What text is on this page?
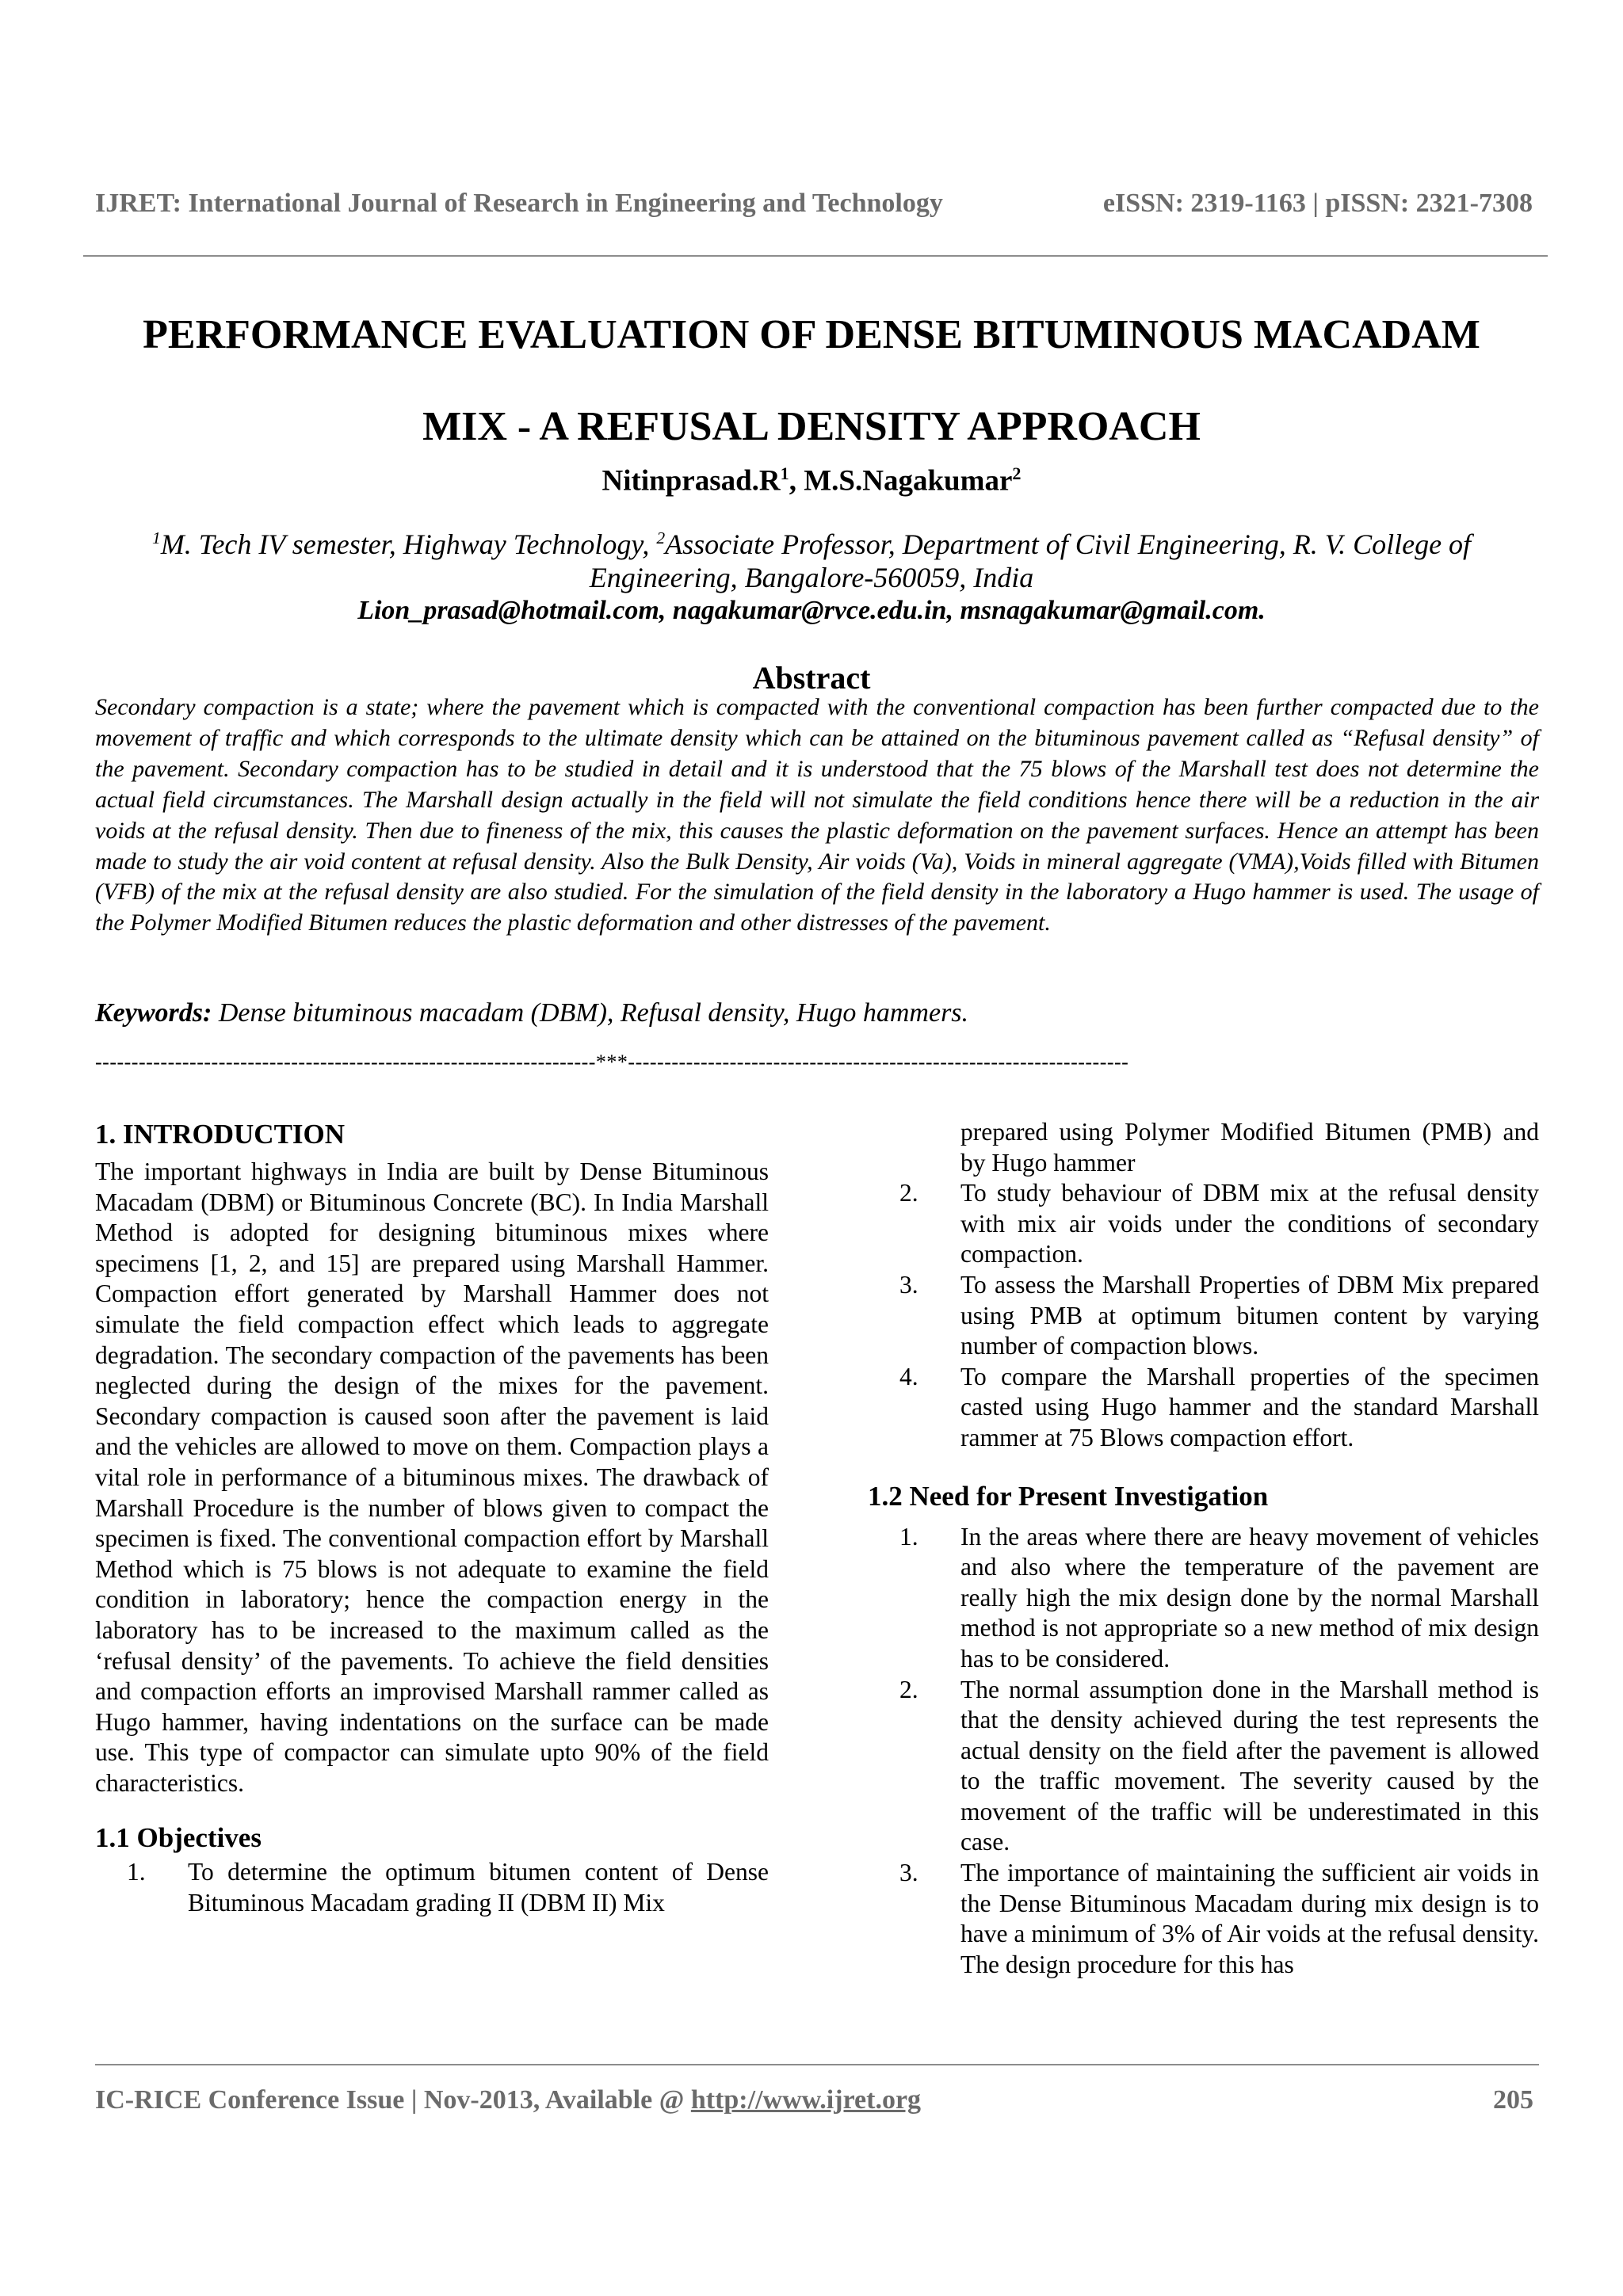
IJRET: International Journal of Research in Engineering and Technology	eISSN: 2319-1163 | pISSN: 2321-7308
PERFORMANCE EVALUATION OF DENSE BITUMINOUS MACADAM
MIX - A REFUSAL DENSITY APPROACH
$Nitinprasad.R^1$, M.S.Nagakumar$^2$
$^1$M. Tech IV semester, Highway Technology, $^2$Associate Professor, Department of Civil Engineering, R. V. College of Engineering, Bangalore-560059, India
Lion_prasad@hotmail.com, nagakumar@rvce.edu.in, msnagakumar@gmail.com.
Abstract
Secondary compaction is a state; where the pavement which is compacted with the conventional compaction has been further compacted due to the movement of traffic and which corresponds to the ultimate density which can be attained on the bituminous pavement called as “Refusal density” of the pavement. Secondary compaction has to be studied in detail and it is understood that the 75 blows of the Marshall test does not determine the actual field circumstances. The Marshall design actually in the field will not simulate the field conditions hence there will be a reduction in the air voids at the refusal density. Then due to fineness of the mix, this causes the plastic deformation on the pavement surfaces. Hence an attempt has been made to study the air void content at refusal density. Also the Bulk Density, Air voids (Va), Voids in mineral aggregate (VMA),Voids filled with Bitumen (VFB) of the mix at the refusal density are also studied. For the simulation of the field density in the laboratory a Hugo hammer is used. The usage of the Polymer Modified Bitumen reduces the plastic deformation and other distresses of the pavement.
Keywords: Dense bituminous macadam (DBM), Refusal density, Hugo hammers.
---------------------------------------------------------------------***---------------------------------------------------------------------
1. INTRODUCTION

The important highways in India are built by Dense Bituminous Macadam (DBM) or Bituminous Concrete (BC). In India Marshall Method is adopted for designing bituminous mixes where specimens [1, 2, and 15] are prepared using Marshall Hammer. Compaction effort generated by Marshall Hammer does not simulate the field compaction effect which leads to aggregate degradation. The secondary compaction of the pavements has been neglected during the design of the mixes for the pavement. Secondary compaction is caused soon after the pavement is laid and the vehicles are allowed to move on them. Compaction plays a vital role in performance of a bituminous mixes. The drawback of Marshall Procedure is the number of blows given to compact the specimen is fixed. The conventional compaction effort by Marshall Method which is 75 blows is not adequate to examine the field condition in laboratory; hence the compaction energy in the laboratory has to be increased to the maximum called as the ‘refusal density’ of the pavements. To achieve the field densities and compaction efforts an improvised Marshall rammer called as Hugo hammer, having indentations on the surface can be made use. This type of compactor can simulate upto 90% of the field characteristics.

1.1 Objectives
1. To determine the optimum bitumen content of Dense Bituminous Macadam grading II (DBM II) Mix
prepared using Polymer Modified Bitumen (PMB) and by Hugo hammer
2. To study behaviour of DBM mix at the refusal density with mix air voids under the conditions of secondary compaction.
3. To assess the Marshall Properties of DBM Mix prepared using PMB at optimum bitumen content by varying number of compaction blows.
4. To compare the Marshall properties of the specimen casted using Hugo hammer and the standard Marshall rammer at 75 Blows compaction effort.
1.2 Need for Present Investigation
1. In the areas where there are heavy movement of vehicles and also where the temperature of the pavement are really high the mix design done by the normal Marshall method is not appropriate so a new method of mix design has to be considered.
2. The normal assumption done in the Marshall method is that the density achieved during the test represents the actual density on the field after the pavement is allowed to the traffic movement. The severity caused by the movement of the traffic will be underestimated in this case.
3. The importance of maintaining the sufficient air voids in the Dense Bituminous Macadam during mix design is to have a minimum of 3% of Air voids at the refusal density. The design procedure for this has
IC-RICE Conference Issue | Nov-2013, Available @ http://www.ijret.org	205
